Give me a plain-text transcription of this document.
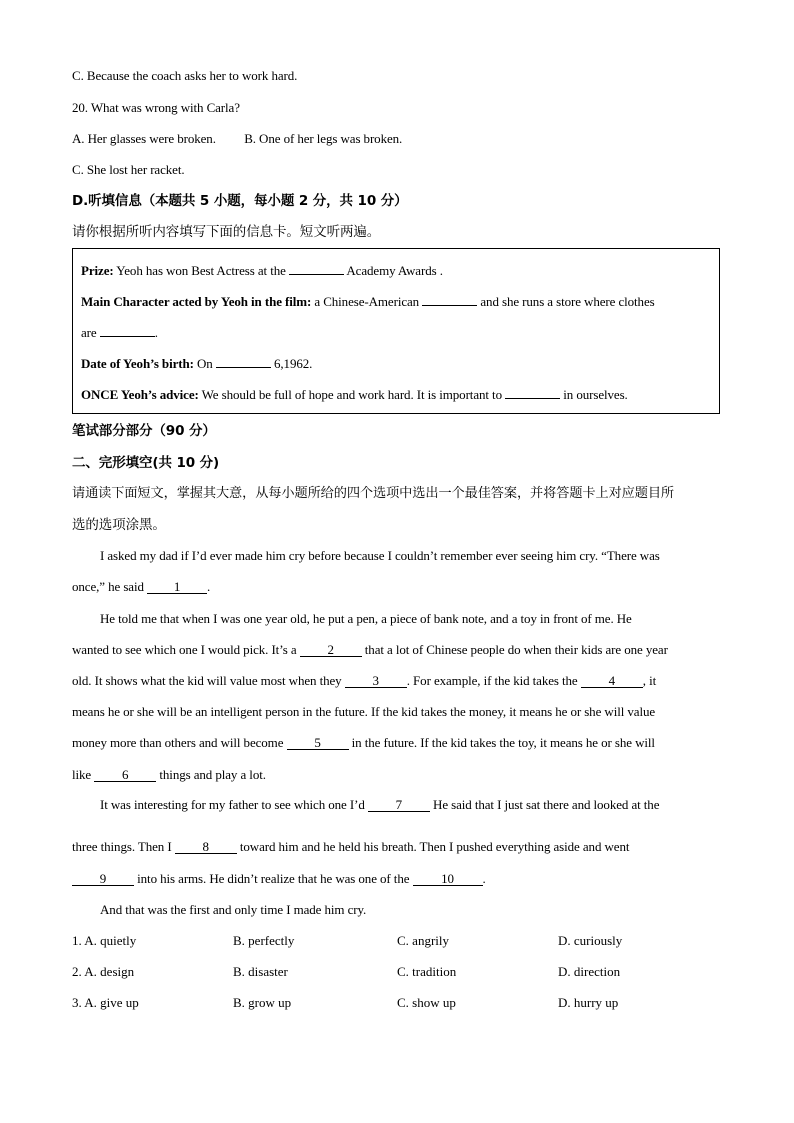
C. Because the coach asks her to work hard.
20. What was wrong with Carla?
A. Her glasses were broken. B. One of her legs was broken.
C. She lost her racket.
D.听填信息（本题共 5 小题，每小题 2 分，共 10 分）
请你根据所听内容填写下面的信息卡。短文听两遍。
Prize: Yeoh has won Best Actress at the	Academy Awards .
Main Character acted by Yeoh in the film: a Chinese-American	and she runs a store where clothes
are	.
Date of Yeoh’s birth: On	6,1962.
ONCE Yeoh’s advice: We should be full of hope and work hard. It is important to	in ourselves.
笔试部分部分（90 分）
二、完形填空(共 10 分)
请通读下面短文，掌握其大意，从每小题所给的四个选项中选出一个最佳答案，并将答题卡上对应题目所
选的选项涂黑。
I asked my dad if I’d ever made him cry before because I couldn’t remember ever seeing him cry. “There was
once,” he said 1 .
He told me that when I was one year old, he put a pen, a piece of bank note, and a toy in front of me. He
wanted to see which one I would pick. It’s a 2 that a lot of Chinese people do when their kids are one year
old. It shows what the kid will value most when they 3 . For example, if the kid takes the 4 , it
means he or she will be an intelligent person in the future. If the kid takes the money, it means he or she will value
money more than others and will become 5 in the future. If the kid takes the toy, it means he or she will
like 6 things and play a lot.
It was interesting for my father to see which one I’d 7 He said that I just sat there and looked at the
three things. Then I 8 toward him and he held his breath. Then I pushed everything aside and went
9 into his arms. He didn’t realize that he was one of the 10 .
And that was the first and only time I made him cry.
1. A. quietly	B. perfectly	C. angrily	D. curiously
2. A. design	B. disaster	C. tradition	D. direction
3. A. give up	B. grow up	C. show up	D. hurry up
